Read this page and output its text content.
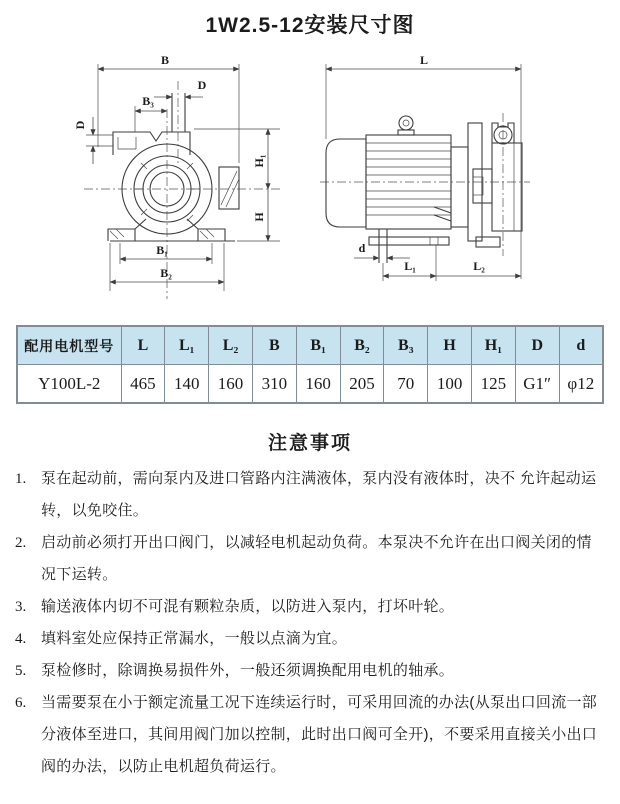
1W2.5-12安装尺寸图
B
B₃
D
D
H₁
H
B₁
B₂
L
d
L₁	L₂
配用电机型号	L	L₁	L₂	B	B₁	B₂	B₃	H	H₁	D	d
Y100L-2	465	140	160	310	160	205	70	100	125	G1″	φ12
注意事项
1. 泵在起动前，需向泵内及进口管路内注满液体，泵内没有液体时，决不 允许起动运转，以免咬住。
2. 启动前必须打开出口阀门，以减轻电机起动负荷。本泵决不允许在出口阀关闭的情况下运转。
3. 输送液体内切不可混有颗粒杂质，以防进入泵内，打坏叶轮。
4. 填料室处应保持正常漏水，一般以点滴为宜。
5. 泵检修时，除调换易损件外，一般还须调换配用电机的轴承。
6. 当需要泵在小于额定流量工况下连续运行时，可采用回流的办法(从泵出口回流一部分液体至进口，其间用阀门加以控制，此时出口阀可全开)，不要采用直接关小出口阀的办法，以防止电机超负荷运行。
